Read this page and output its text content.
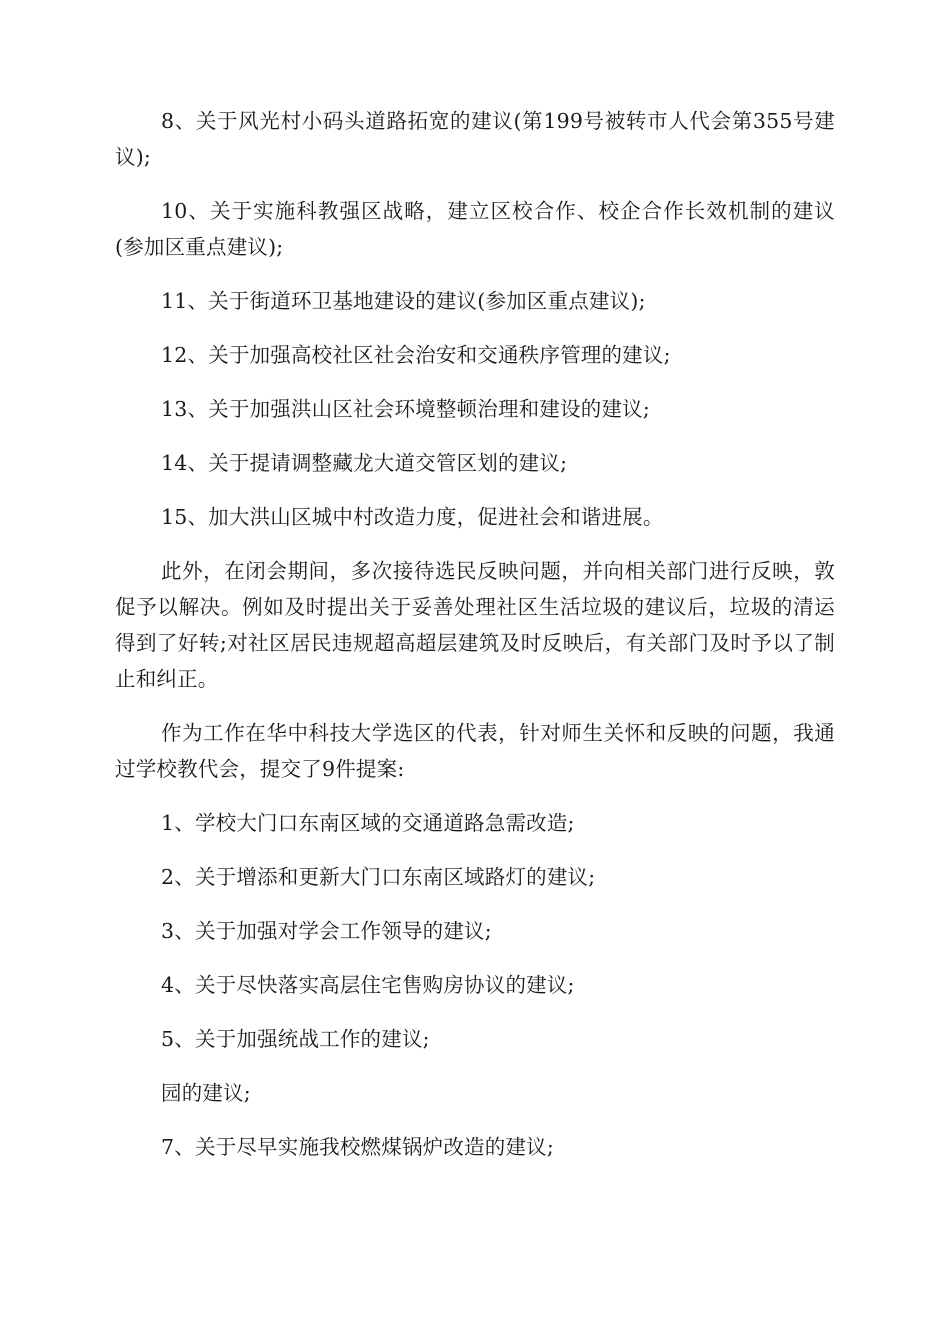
8、关于风光村小码头道路拓宽的建议(第199号被转市人代会第355号建议);

10、关于实施科教强区战略，建立区校合作、校企合作长效机制的建议(参加区重点建议);

11、关于街道环卫基地建设的建议(参加区重点建议);

12、关于加强高校社区社会治安和交通秩序管理的建议;

13、关于加强洪山区社会环境整顿治理和建设的建议;

14、关于提请调整藏龙大道交管区划的建议;

15、加大洪山区城中村改造力度，促进社会和谐进展。

此外，在闭会期间，多次接待选民反映问题，并向相关部门进行反映，敦促予以解决。例如及时提出关于妥善处理社区生活垃圾的建议后，垃圾的清运得到了好转;对社区居民违规超高超层建筑及时反映后，有关部门及时予以了制止和纠正。

作为工作在华中科技大学选区的代表，针对师生关怀和反映的问题，我通过学校教代会，提交了9件提案:

1、学校大门口东南区域的交通道路急需改造;

2、关于增添和更新大门口东南区域路灯的建议;

3、关于加强对学会工作领导的建议;

4、关于尽快落实高层住宅售购房协议的建议;

5、关于加强统战工作的建议;

园的建议;

7、关于尽早实施我校燃煤锅炉改造的建议;
